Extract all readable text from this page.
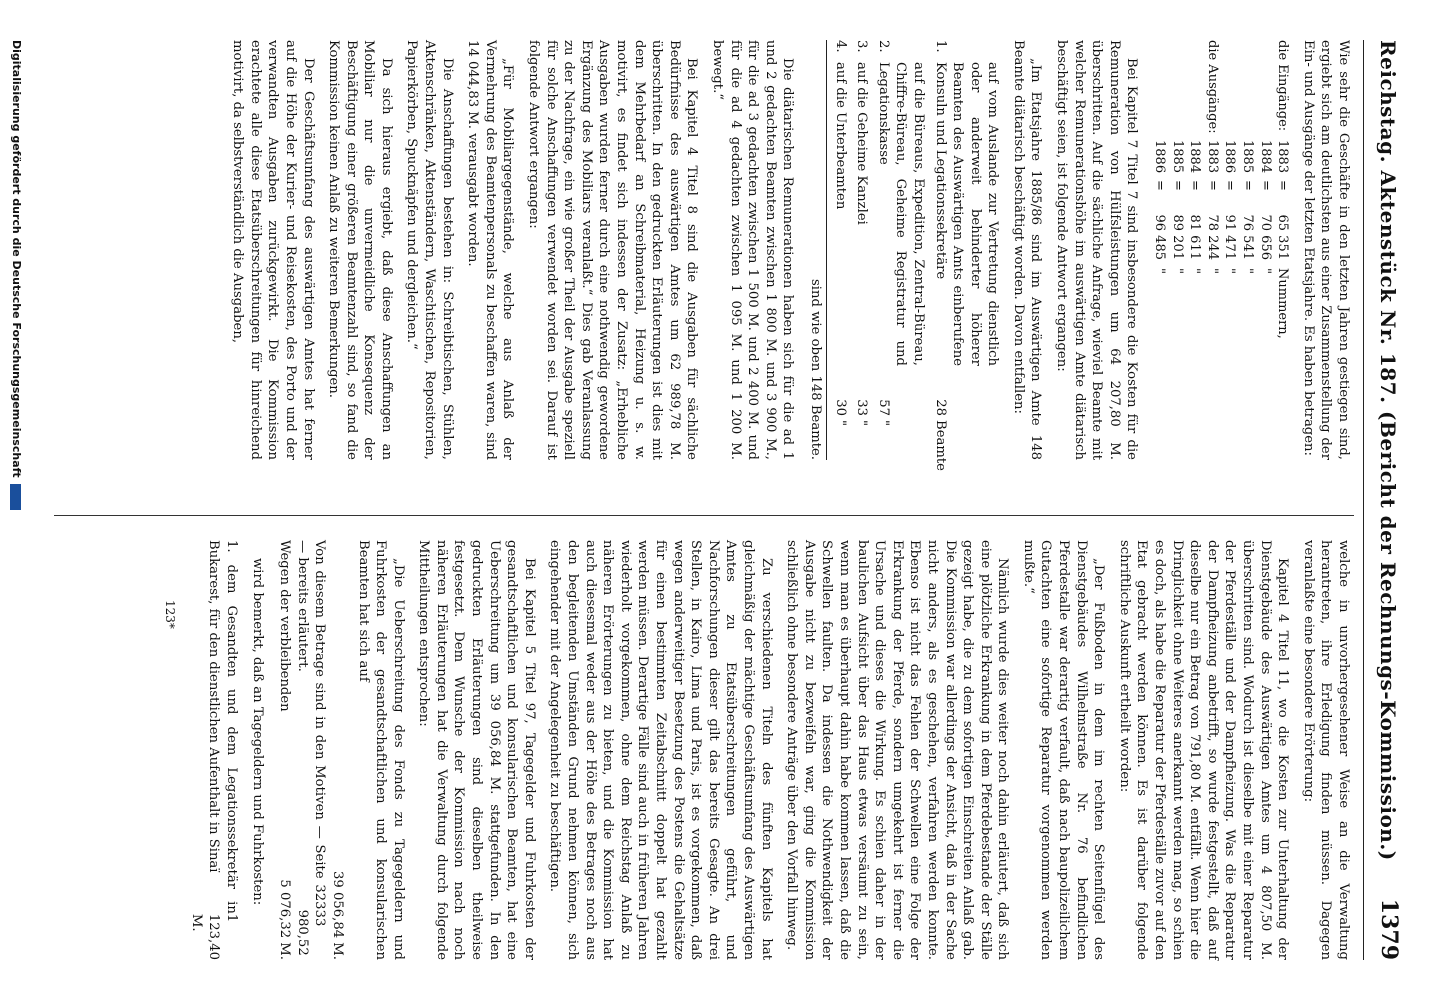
Reichstag. Aktenstück Nr. 187. (Bericht der Rechnungs-Kommission.)
1379

Wie sehr die Geschäfte in den letzten Jahren gestiegen sind, ergiebt sich am deutlichsten aus einer Zusammenstellung der Ein- und Ausgänge der letzten Etatsjahre. Es haben betragen:

die Eingänge:
1883
=
65 351
Nummern,
1884
=
70 656
"
1885
=
76 541
"
1886
=
91 471
"
die Ausgänge:
1883
=
78 244
"
1884
=
81 611
"
1885
=
89 201
"
1886
=
96 485
"

Bei Kapitel 7 Titel 7 sind insbesondere die Kosten für die Remuneration von Hülfsleistungen um 64 207,80 M. überschritten. Auf die sächliche Anfrage, wieviel Beamte mit welcher Remunerationshöhe im auswärtigen Amte diätarisch beschäftigt seien, ist folgende Antwort ergangen:

„Im Etatsjahre 1885/86 sind im Auswärtigen Amte 148 Beamte diätarisch beschäftigt worden. Davon entfallen:

1.
auf vom Auslande zur Vertretung dienstlich oder anderweit behinderter höherer Beamten des Auswärtigen Amts einberufene Konsuln und Legationssekretäre
28
Beamte
2.
auf die Büreaus, Expedition, Zentral-Büreau, Chiffre-Büreau, Geheime Registratur und Legationskasse
57
"
3.
auf die Geheime Kanzlei
33
"
4.
auf die Unterbeamten
30
"
sind wie oben 148 Beamte.

Die diätarischen Remunerationen haben sich für die ad 1 und 2 gedachten Beamten zwischen 1 800 M. und 3 900 M., für die ad 3 gedachten zwischen 1 500 M. und 2 400 M. und für die ad 4 gedachten zwischen 1 095 M. und 1 200 M. bewegt.“

Bei Kapitel 4 Titel 8 sind die Ausgaben für sächliche Bedürfnisse des auswärtigen Amtes um 62 989,78 M. überschritten. In den gedruckten Erläuterungen ist dies mit dem Mehrbedarf an Schreibmaterial, Heizung u. s. w. motivirt, es findet sich indessen der Zusatz: „Erhebliche Ausgaben wurden ferner durch eine nothwendig gewordene Ergänzung des Mobiliars veranlaßt.“ Dies gab Veranlassung zu der Nachfrage, ein wie großer Theil der Ausgabe speziell für solche Anschaffungen verwendet worden sei. Darauf ist folgende Antwort ergangen:

„Für Mobiliargegenstände, welche aus Anlaß der Vermehrung des Beamtenpersonals zu beschaffen waren, sind 14 044,83 M. verausgabt worden.

Die Anschaffungen bestehen in: Schreibtischen, Stühlen, Aktenschränken, Aktenständern, Waschtischen, Repositorien, Papierkörben, Spucknäpfen und dergleichen.“

Da sich hieraus ergiebt, daß diese Anschaffungen an Mobiliar nur die unvermeidliche Konsequenz der Beschäftigung einer größeren Beamtenzahl sind, so fand die Kommission keinen Anlaß zu weiteren Bemerkungen.

Der Geschäftsumfang des auswärtigen Amtes hat ferner auf die Höhe der Kurier- und Reisekosten, des Porto und der verwandten Ausgaben zurückgewirkt. Die Kommission erachtete alle diese Etatsüberschreitungen für hinreichend motivirt, da selbstverständlich die Ausgaben,

welche in unvorhergesehener Weise an die Verwaltung herantreten, ihre Erledigung finden müssen. Dagegen veranlaßte eine besondere Erörterung:

Kapitel 4 Titel 11, wo die Kosten zur Unterhaltung der Dienstgebäude des Auswärtigen Amtes um 4 807,50 M. überschritten sind. Wodurch ist dieselbe mit einer Reparatur der Pferdeställe und der Dampfheizung. Was die Reparatur der Dampfheizung anbetrifft, so wurde festgestellt, daß auf dieselbe nur ein Betrag von 791,80 M. entfällt. Wenn hier die Dringlichkeit ohne Weiteres anerkannt werden mag, so schien es doch, als habe die Reparatur der Pferdeställe zuvor auf den Etat gebracht werden können. Es ist darüber folgende schriftliche Auskunft ertheilt worden:

„Der Fußboden in dem im rechten Seitenflügel des Dienstgebäudes Wilhelmstraße Nr. 76 befindlichen Pferdestalle war derartig verfault, daß nach baupolizeilichem Gutachten eine sofortige Reparatur vorgenommen werden mußte.“

Nämlich wurde dies weiter noch dahin erläutert, daß sich eine plötzliche Erkrankung in dem Pferdebestande der Ställe gezeigt habe, die zu dem sofortigen Einschreiten Anlaß gab. Die Kommission war allerdings der Ansicht, daß in der Sache nicht anders, als es geschehen, verfahren werden konnte. Ebenso ist nicht das Fehlen der Schwellen eine Folge der Erkrankung der Pferde, sondern umgekehrt ist ferner die Ursache und dieses die Wirkung. Es schien daher in der baulichen Aufsicht über das Haus etwas versäumt zu sein, wenn man es überhaupt dahin habe kommen lassen, daß die Schwellen faulten. Da indessen die Nothwendigkeit der Ausgabe nicht zu bezweifeln war, ging die Kommission schließlich ohne besondere Anträge über den Vorfall hinweg.

Zu verschiedenen Titeln des fünften Kapitels hat gleichmäßig der mächtige Geschäftsumfang des Auswärtigen Amtes zu Etatsüberschreitungen geführt, und Nachforschungen dieser gilt das bereits Gesagte. An drei Stellen, in Kairo, Lima und Paris, ist es vorgekommen, daß wegen anderweitiger Besetzung des Postens die Gehaltsätze für einen bestimmten Zeitabschnitt doppelt hat gezahlt werden müssen. Derartige Fälle sind auch in früheren Jahren wiederholt vorgekommen, ohne dem Reichstag Anlaß zu näheren Erörterungen zu bieten, und die Kommission hat auch diesesmal weder aus der Höhe des Betrages noch aus den begleitenden Umständen Grund nehmen können, sich eingehender mit der Angelegenheit zu beschäftigen.

Bei Kapitel 5 Titel 97, Tagegelder und Fuhrkosten der gesandtschaftlichen und konsularischen Beamten, hat eine Ueberschreitung um 39 056,84 M. stattgefunden. In den gedruckten Erläuterungen sind dieselben theilweise festgesetzt. Dem Wunsche der Kommission nach noch näheren Erläuterungen hat die Verwaltung durch folgende Mittheilungen entsprochen:

„Die Ueberschreitung des Fonds zu Tagegeldern und Fuhrkosten der gesandtschaftlichen und konsularischen Beamten hat sich auf

39 056,84 M.
Von diesem Betrage sind in den Motiven — Seite 323 — bereits erläutert.
33 980,52
Wegen der verbleibenden
5 076,32 M.

wird bemerkt, daß an Tagegeldern und Fuhrkosten:

1. dem Gesandten und dem Legationssekretär in Bukarest, für den dienstlichen Aufenthalt in Sinaï
1 123,40 M.
123*
Digitalisierung gefördert durch die Deutsche Forschungsgemeinschaft
